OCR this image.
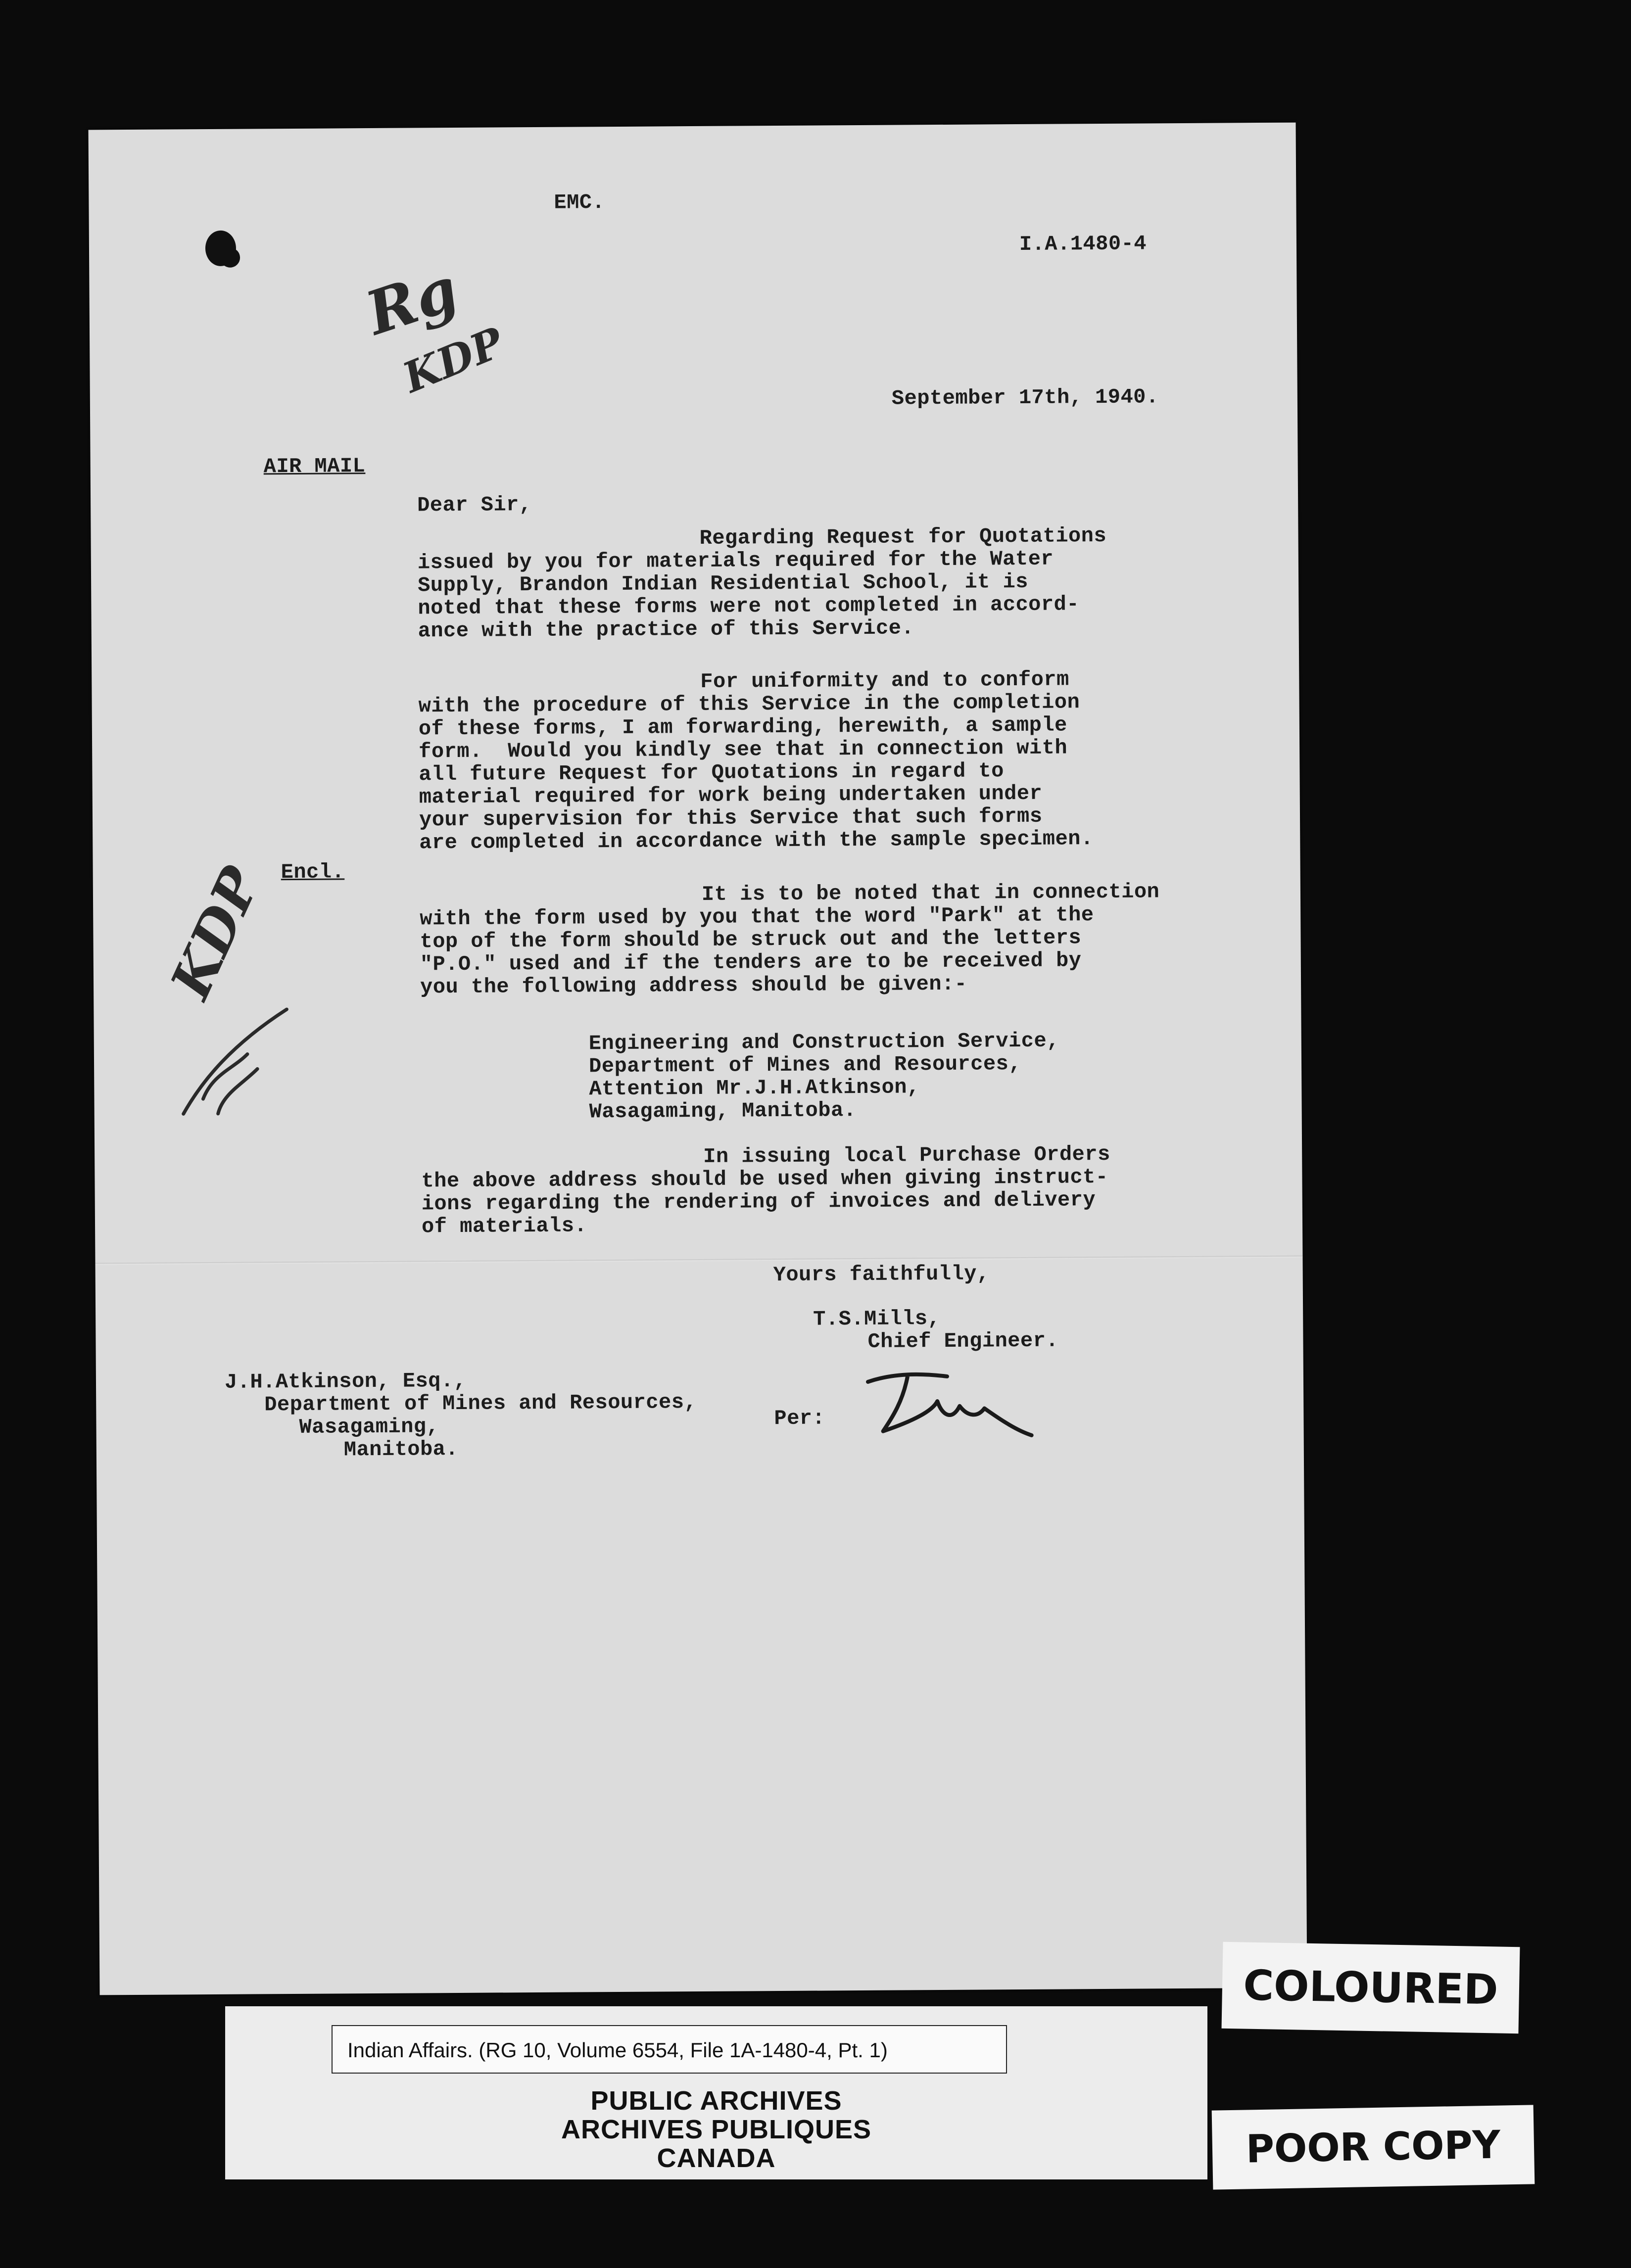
EMC.
I.A.1480-4
Rg
KDP	September 17th, 1940.
AIR MAIL
Dear Sir,
Regarding Request for Quotations
issued by you for materials required for the Water
Supply, Brandon Indian Residential School, it is
noted that these forms were not completed in accord-
ance with the practice of this Service.
For uniformity and to conform
with the procedure of this Service in the completion
of these forms, I am forwarding, herewith, a sample
form.  Would you kindly see that in connection with
all future Request for Quotations in regard to
material required for work being undertaken under
your supervision for this Service that such forms
are completed in accordance with the sample specimen.
Encl.
It is to be noted that in connection
with the form used by you that the word "Park" at the
top of the form should be struck out and the letters
"P.O." used and if the tenders are to be received by
you the following address should be given:-
KDP
Engineering and Construction Service,
Department of Mines and Resources,
Attention Mr.J.H.Atkinson,
Wasagaming, Manitoba.
In issuing local Purchase Orders
the above address should be used when giving instruct-
ions regarding the rendering of invoices and delivery
of materials.
Yours faithfully,
T.S.Mills,
Chief Engineer.
J.H.Atkinson, Esq.,
Department of Mines and Resources,
Wasagaming,
Manitoba.
Per:
Indian Affairs. (RG 10, Volume 6554, File 1A-1480-4, Pt. 1)
PUBLIC ARCHIVES
ARCHIVES PUBLIQUES
CANADA
COLOURED
POOR COPY
